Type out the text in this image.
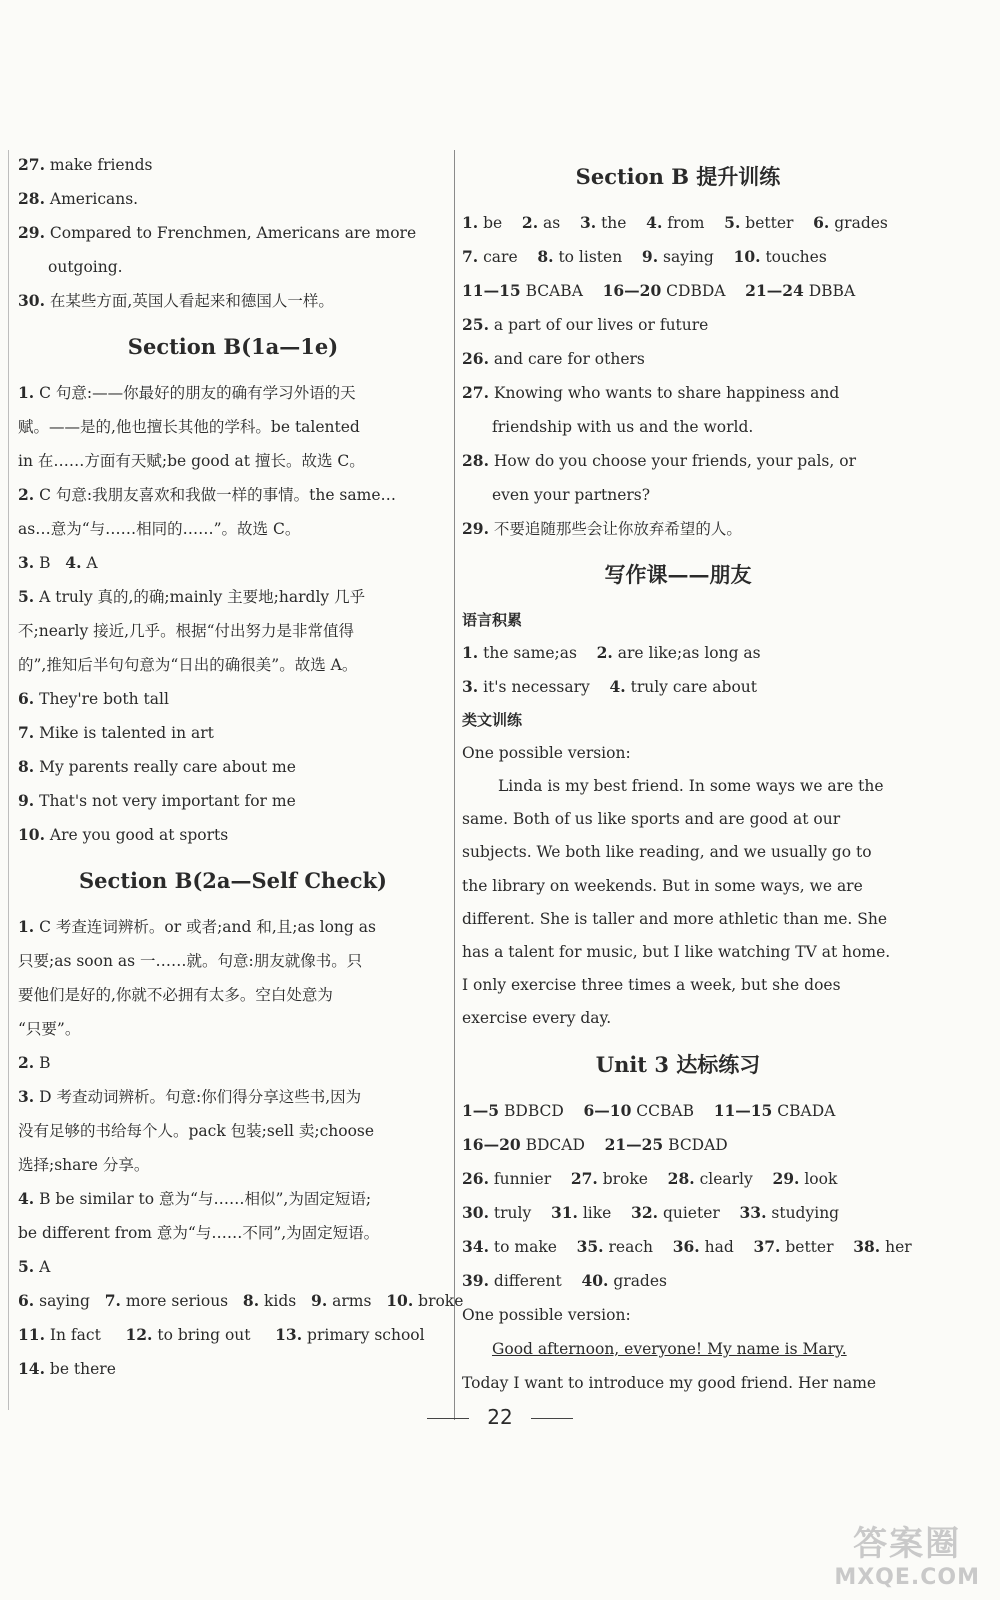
27. make friends
28. Americans.
29. Compared to Frenchmen, Americans are more
outgoing.
30. 在某些方面,英国人看起来和德国人一样。
Section B(1a—1e)
1. C 句意:——你最好的朋友的确有学习外语的天
赋。——是的,他也擅长其他的学科。be talented
in 在……方面有天赋;be good at 擅长。故选 C。
2. C 句意:我朋友喜欢和我做一样的事情。the same…
as…意为“与……相同的……”。故选 C。
3. B   4. A
5. A truly 真的,的确;mainly 主要地;hardly 几乎
不;nearly 接近,几乎。根据“付出努力是非常值得
的”,推知后半句句意为“日出的确很美”。故选 A。
6. They're both tall
7. Mike is talented in art
8. My parents really care about me
9. That's not very important for me
10. Are you good at sports
Section B(2a—Self Check)
1. C 考查连词辨析。or 或者;and 和,且;as long as
只要;as soon as 一……就。句意:朋友就像书。只
要他们是好的,你就不必拥有太多。空白处意为
“只要”。
2. B
3. D 考查动词辨析。句意:你们得分享这些书,因为
没有足够的书给每个人。pack 包装;sell 卖;choose
选择;share 分享。
4. B be similar to 意为“与……相似”,为固定短语;
be different from 意为“与……不同”,为固定短语。
5. A
6. saying   7. more serious   8. kids   9. arms   10. broke
11. In fact     12. to bring out     13. primary school
14. be there
Section B 提升训练
1. be    2. as    3. the    4. from    5. better    6. grades
7. care    8. to listen    9. saying    10. touches
11—15 BCABA    16—20 CDBDA    21—24 DBBA
25. a part of our lives or future
26. and care for others
27. Knowing who wants to share happiness and
friendship with us and the world.
28. How do you choose your friends, your pals, or
even your partners?
29. 不要追随那些会让你放弃希望的人。
写作课——朋友
语言积累
1. the same;as    2. are like;as long as
3. it's necessary    4. truly care about
类文训练
One possible version:
Linda is my best friend. In some ways we are the same. Both of us like sports and are good at our subjects. We both like reading, and we usually go to the library on weekends. But in some ways, we are different. She is taller and more athletic than me. She has a talent for music, but I like watching TV at home. I only exercise three times a week, but she does exercise every day.
Unit 3 达标练习
1—5 BDBCD    6—10 CCBAB    11—15 CBADA
16—20 BDCAD    21—25 BCDAD
26. funnier    27. broke    28. clearly    29. look
30. truly    31. like    32. quieter    33. studying
34. to make    35. reach    36. had    37. better    38. her
39. different    40. grades
One possible version:
Good afternoon, everyone! My name is Mary.
Today I want to introduce my good friend. Her name
22
答案圈
MXQE.COM
